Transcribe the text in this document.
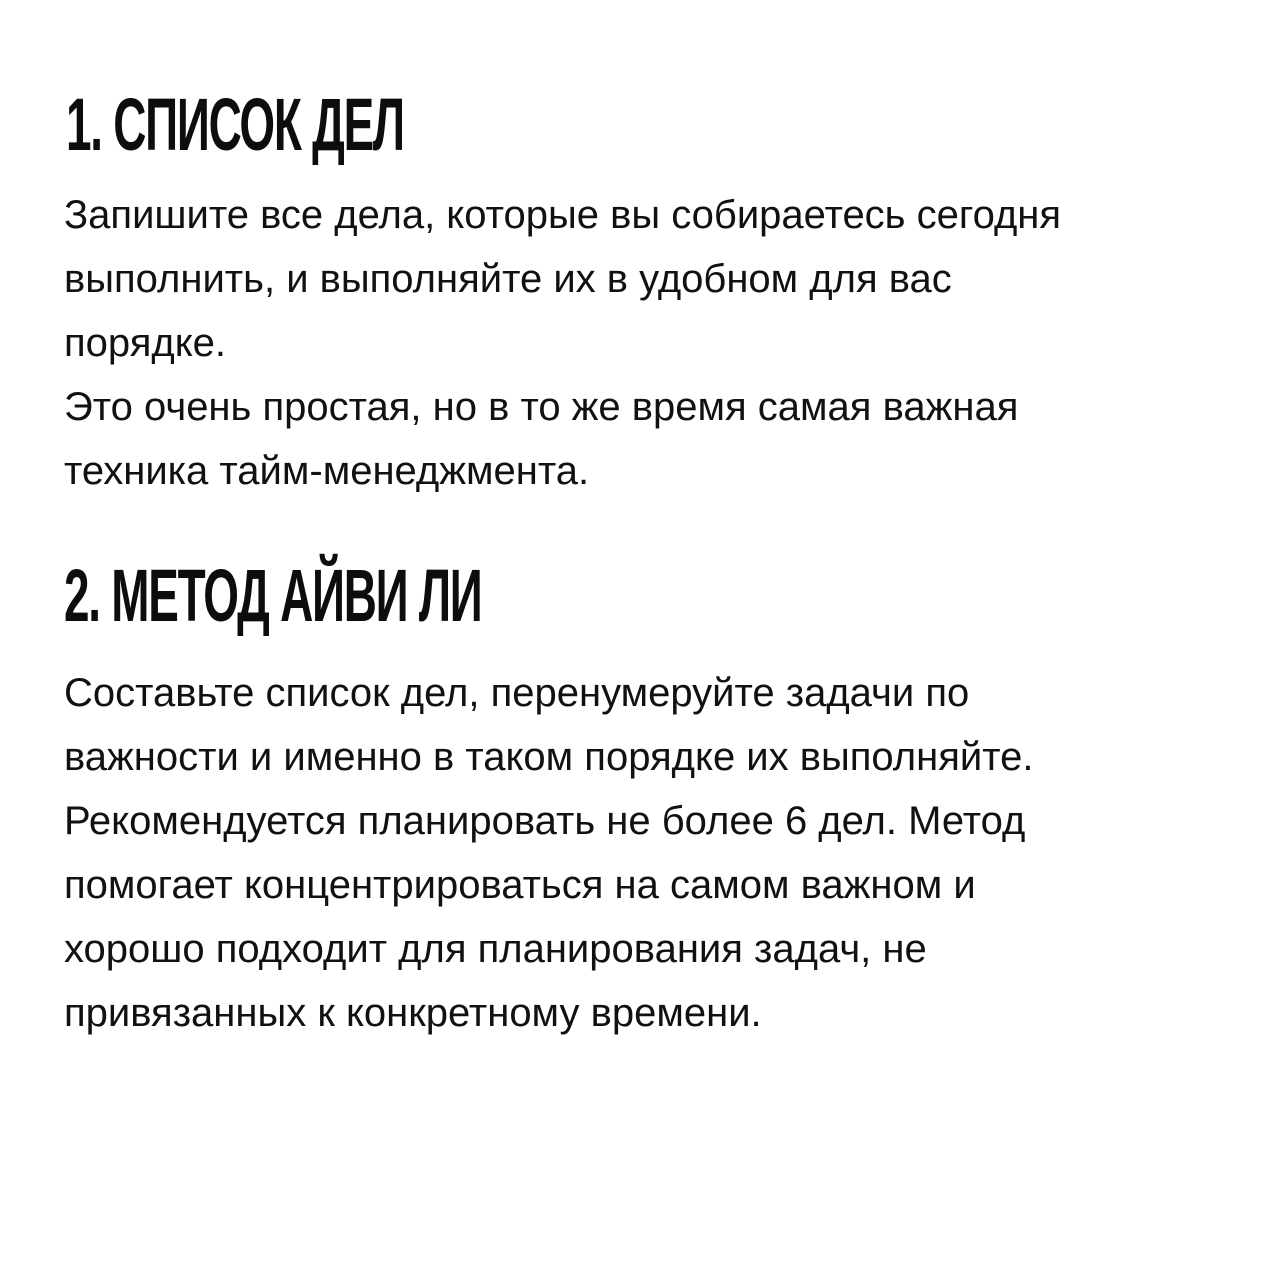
1. СПИСОК ДЕЛ

Запишите все дела, которые вы собираетесь сегодня
выполнить, и выполняйте их в удобном для вас
порядке.
Это очень простая, но в то же время самая важная
техника тайм-менеджмента.

2. МЕТОД АЙВИ ЛИ

Составьте список дел, перенумеруйте задачи по
важности и именно в таком порядке их выполняйте.
Рекомендуется планировать не более 6 дел. Метод
помогает концентрироваться на самом важном и
хорошо подходит для планирования задач, не
привязанных к конкретному времени.
